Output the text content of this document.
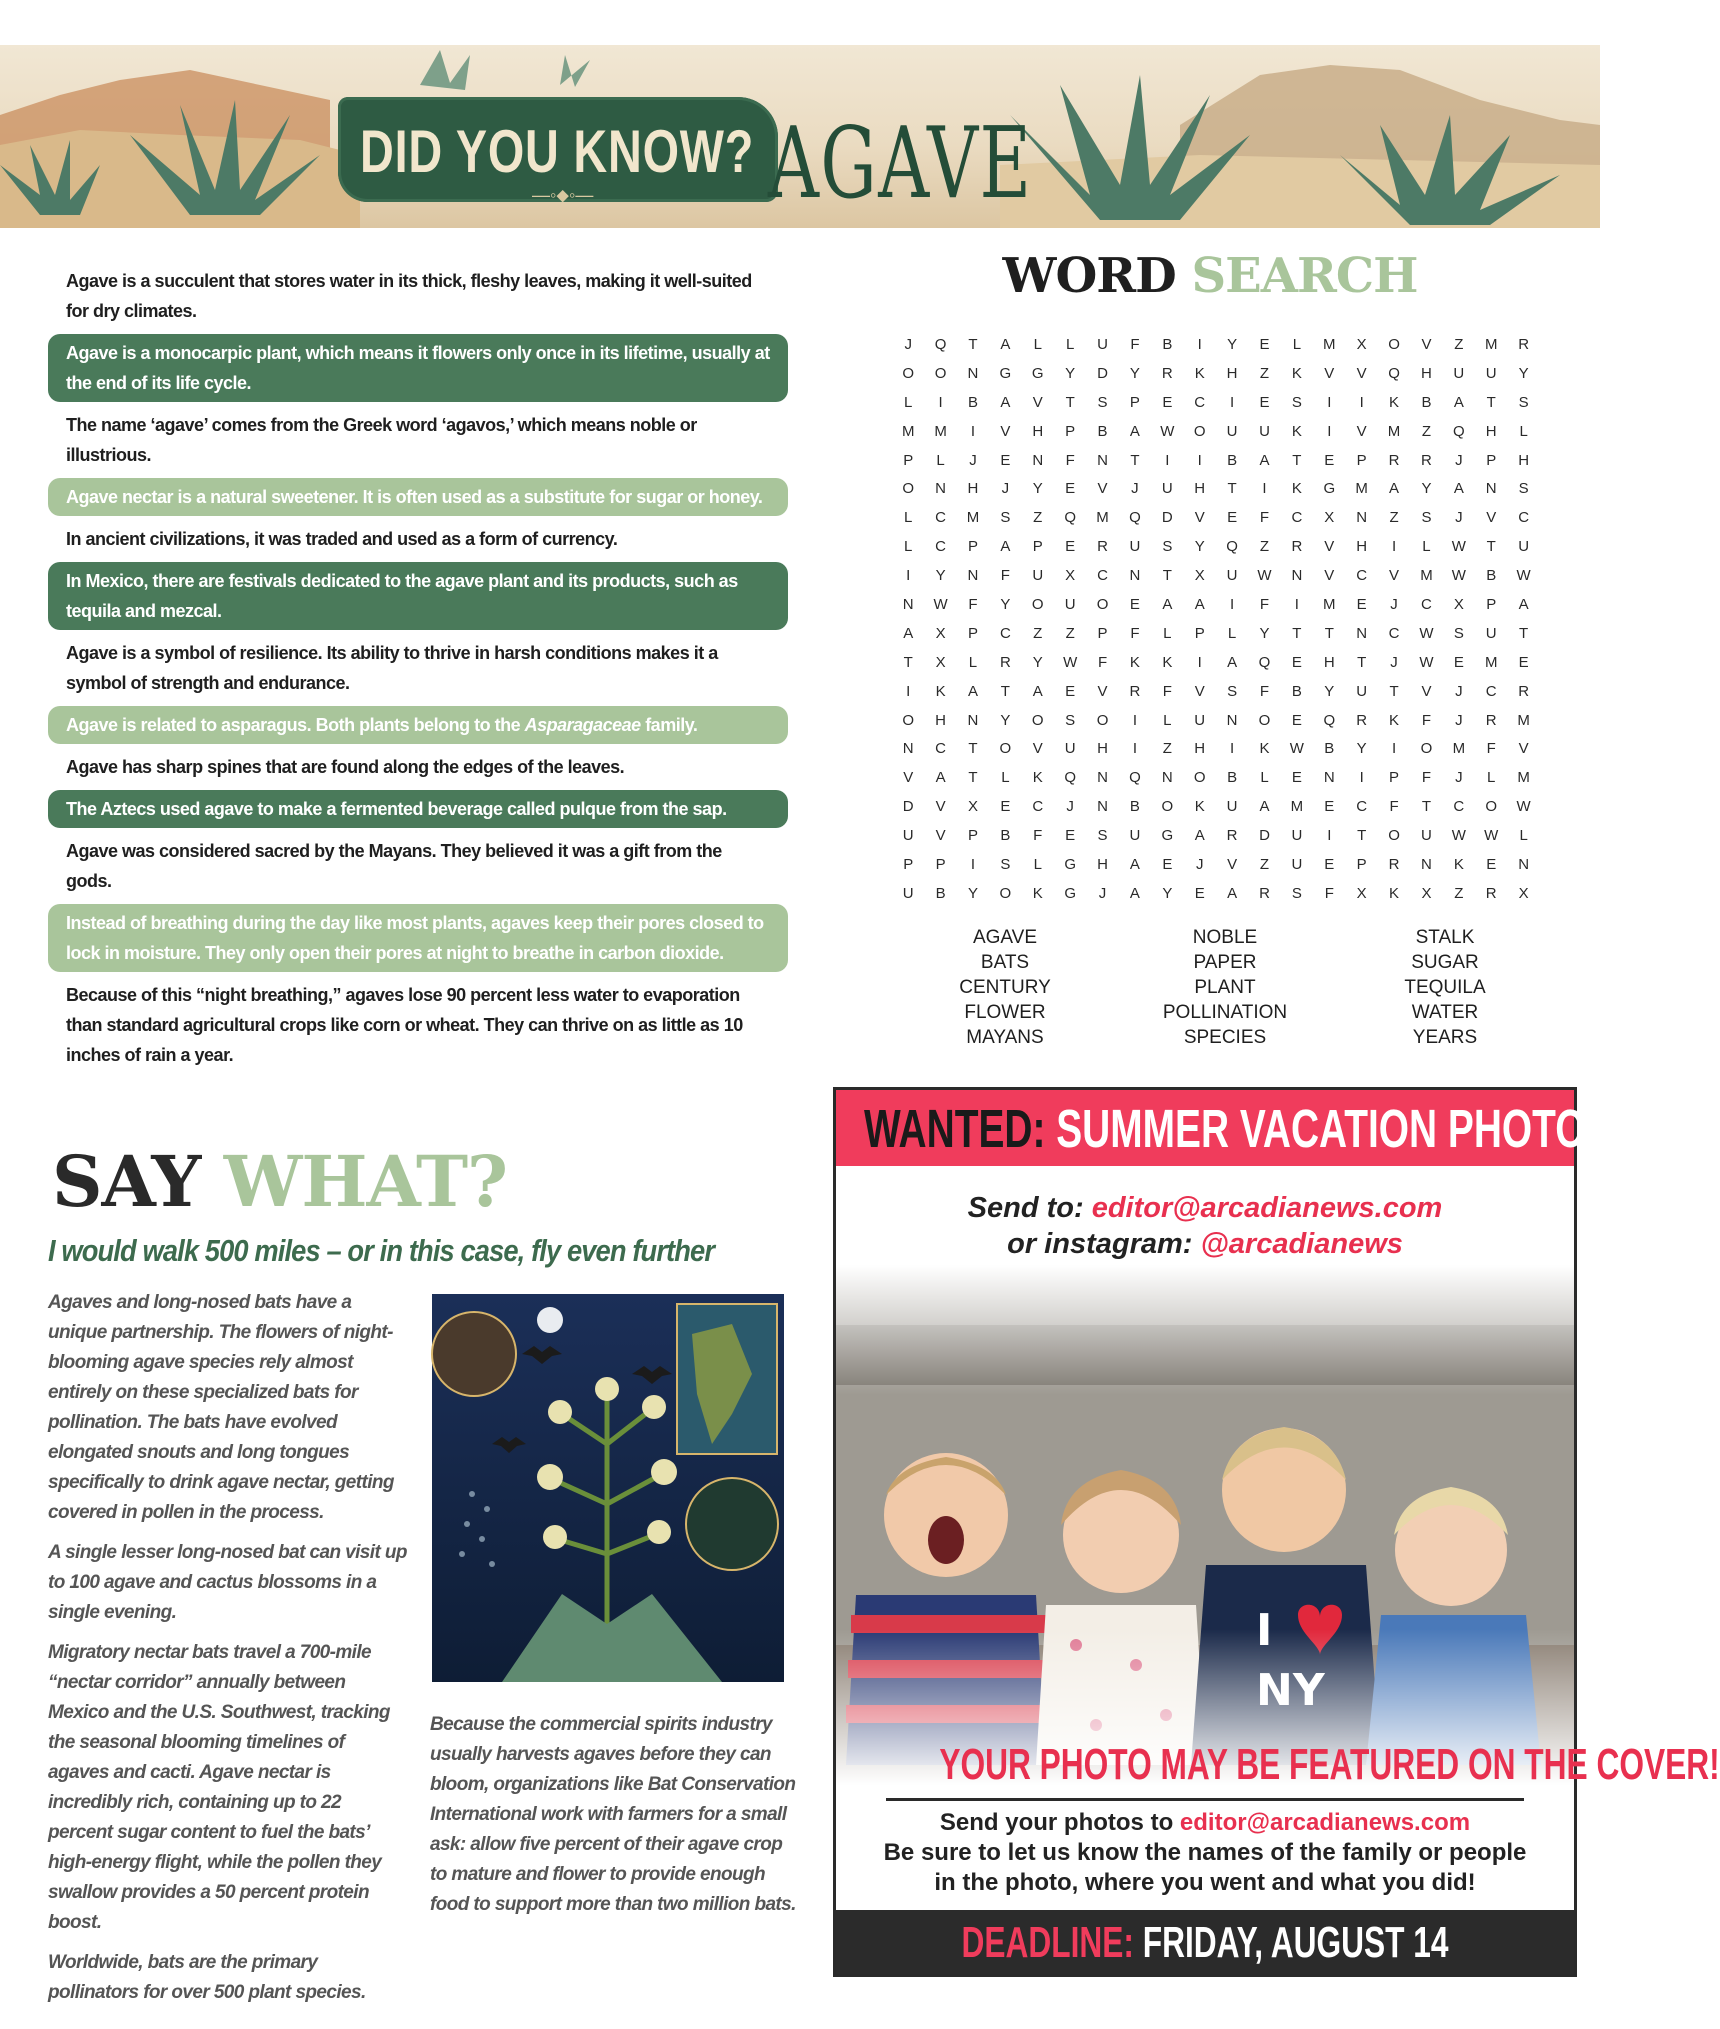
DID YOU KNOW? AGAVE
—◦⬥◦—
Agave is a succulent that stores water in its thick, fleshy leaves, making it well-suited for dry climates.
Agave is a monocarpic plant, which means it flowers only once in its lifetime, usually at the end of its life cycle.
The name ‘agave’ comes from the Greek word ‘agavos,’ which means noble or illustrious.
Agave nectar is a natural sweetener. It is often used as a substitute for sugar or honey.
In ancient civilizations, it was traded and used as a form of currency.
In Mexico, there are festivals dedicated to the agave plant and its products, such as tequila and mezcal.
Agave is a symbol of resilience. Its ability to thrive in harsh conditions makes it a symbol of strength and endurance.
Agave is related to asparagus. Both plants belong to the Asparagaceae family.
Agave has sharp spines that are found along the edges of the leaves.
The Aztecs used agave to make a fermented beverage called pulque from the sap.
Agave was considered sacred by the Mayans. They believed it was a gift from the gods.
Instead of breathing during the day like most plants, agaves keep their pores closed to lock in moisture. They only open their pores at night to breathe in carbon dioxide.
Because of this “night breathing,” agaves lose 90 percent less water to evaporation than standard agricultural crops like corn or wheat. They can thrive on as little as 10 inches of rain a year.
WORD SEARCH
J	Q	T	A	L	L	U	F	B	I	Y	E	L	M	X	O	V	Z	M	R
O	O	N	G	G	Y	D	Y	R	K	H	Z	K	V	V	Q	H	U	U	Y
L	I	B	A	V	T	S	P	E	C	I	E	S	I	I	K	B	A	T	S
M	M	I	V	H	P	B	A	W	O	U	U	K	I	V	M	Z	Q	H	L
P	L	J	E	N	F	N	T	I	I	B	A	T	E	P	R	R	J	P	H
O	N	H	J	Y	E	V	J	U	H	T	I	K	G	M	A	Y	A	N	S
L	C	M	S	Z	Q	M	Q	D	V	E	F	C	X	N	Z	S	J	V	C
L	C	P	A	P	E	R	U	S	Y	Q	Z	R	V	H	I	L	W	T	U
I	Y	N	F	U	X	C	N	T	X	U	W	N	V	C	V	M	W	B	W
N	W	F	Y	O	U	O	E	A	A	I	F	I	M	E	J	C	X	P	A
A	X	P	C	Z	Z	P	F	L	P	L	Y	T	T	N	C	W	S	U	T
T	X	L	R	Y	W	F	K	K	I	A	Q	E	H	T	J	W	E	M	E
I	K	A	T	A	E	V	R	F	V	S	F	B	Y	U	T	V	J	C	R
O	H	N	Y	O	S	O	I	L	U	N	O	E	Q	R	K	F	J	R	M
N	C	T	O	V	U	H	I	Z	H	I	K	W	B	Y	I	O	M	F	V
V	A	T	L	K	Q	N	Q	N	O	B	L	E	N	I	P	F	J	L	M
D	V	X	E	C	J	N	B	O	K	U	A	M	E	C	F	T	C	O	W
U	V	P	B	F	E	S	U	G	A	R	D	U	I	T	O	U	W	W	L
P	P	I	S	L	G	H	A	E	J	V	Z	U	E	P	R	N	K	E	N
U	B	Y	O	K	G	J	A	Y	E	A	R	S	F	X	K	X	Z	R	X
AGAVE
BATS
CENTURY
FLOWER
MAYANS
NOBLE
PAPER
PLANT
POLLINATION
SPECIES
STALK
SUGAR
TEQUILA
WATER
YEARS
SAY WHAT?
I would walk 500 miles – or in this case, fly even further

Agaves and long-nosed bats have a unique partnership. The flowers of night-blooming agave species rely almost entirely on these specialized bats for pollination. The bats have evolved elongated snouts and long tongues specifically to drink agave nectar, getting covered in pollen in the process.

A single lesser long-nosed bat can visit up to 100 agave and cactus blossoms in a single evening.

Migratory nectar bats travel a 700-mile “nectar corridor” annually between Mexico and the U.S. Southwest, tracking the seasonal blooming timelines of agaves and cacti. Agave nectar is incredibly rich, containing up to 22 percent sugar content to fuel the bats’ high-energy flight, while the pollen they swallow provides a 50 percent protein boost.

Worldwide, bats are the primary pollinators for over 500 plant species.

Because the commercial spirits industry usually harvests agaves before they can bloom, organizations like Bat Conservation International work with farmers for a small ask: allow five percent of their agave crop to mature and flower to provide enough food to support more than two million bats.

WANTED: SUMMER VACATION PHOTOS
Send to: editor@arcadianews.com
or instagram: @arcadianews
YOUR PHOTO MAY BE FEATURED ON THE COVER!
Send your photos to editor@arcadianews.com
Be sure to let us know the names of the family or people
in the photo, where you went and what you did!
DEADLINE: FRIDAY, AUGUST 14
